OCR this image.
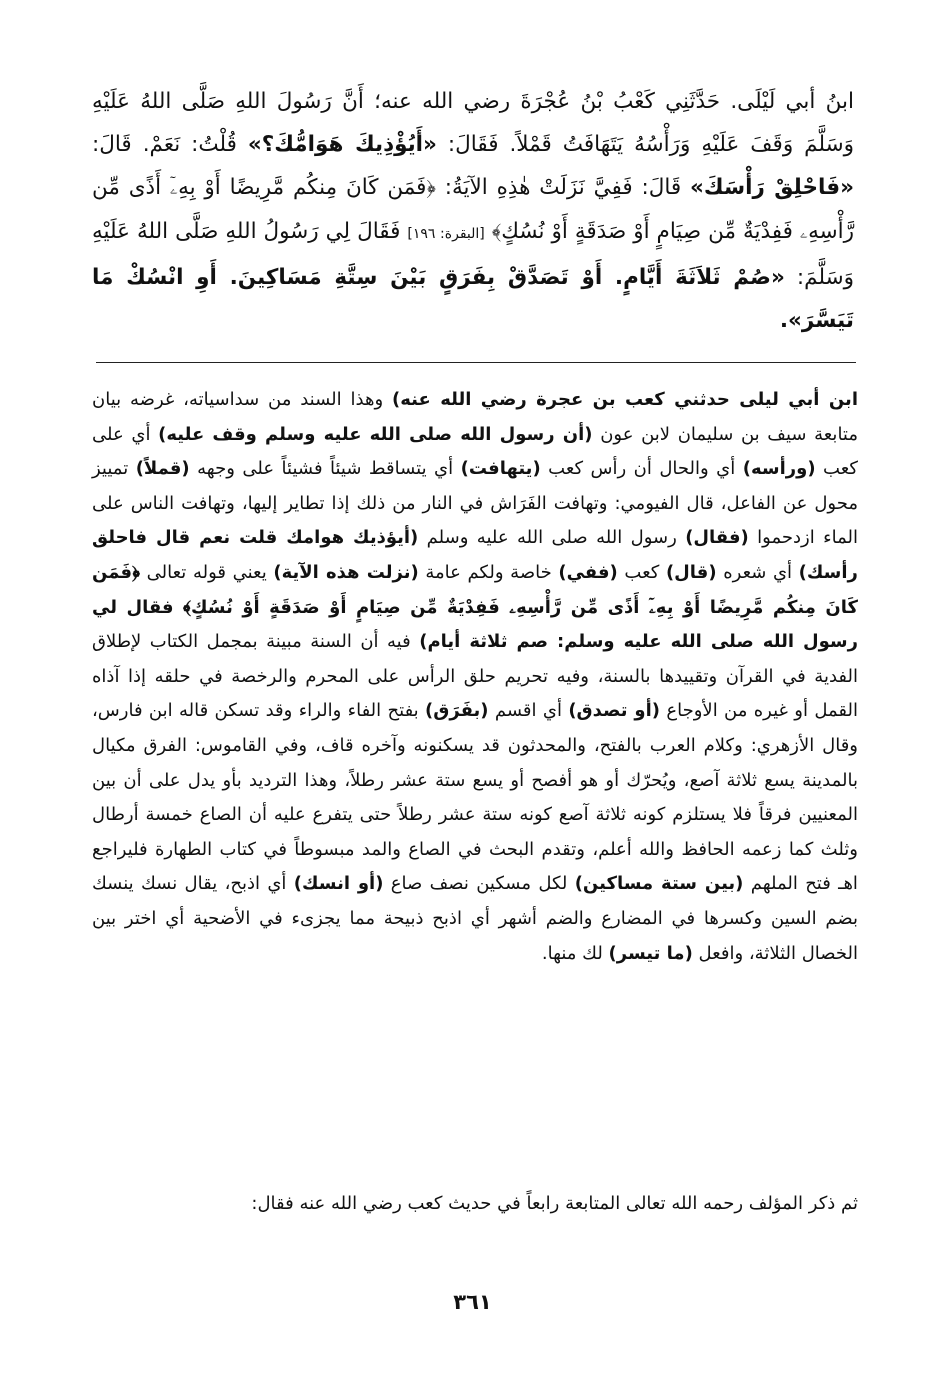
ابنُ أبي لَيْلَى. حَدَّثَنِي كَعْبُ بْنُ عُجْرَةَ رضي الله عنه؛ أَنَّ رَسُولَ اللهِ صَلَّى اللهُ عَلَيْهِ وَسَلَّمَ وَقَفَ عَلَيْهِ وَرَأْسُهُ يَتَهَافَتُ قَمْلاً. فَقَالَ: «أَيُؤْذِيكَ هَوَامُّكَ؟» قُلْتُ: نَعَمْ. قَالَ: «فَاحْلِقْ رَأْسَكَ» قَالَ: فَفِيَّ نَزَلَتْ هٰذِهِ الآيَةُ: ﴿فَمَن كَانَ مِنكُم مَّرِيضًا أَوْ بِهِۦٓ أَذًى مِّن رَّأْسِهِۦ فَفِدْيَةٌ مِّن صِيَامٍ أَوْ صَدَقَةٍ أَوْ نُسُكٍ﴾ [البقرة: ١٩٦] فَقَالَ لِي رَسُولُ اللهِ صَلَّى اللهُ عَلَيْهِ وَسَلَّمَ: «صُمْ ثَلاَثَةَ أَيَّامٍ. أَوْ تَصَدَّقْ بِفَرَقٍ بَيْنَ سِتَّةِ مَسَاكِينَ. أَوِ انْسُكْ مَا تَيَسَّرَ».

ابن أبي ليلى حدثني كعب بن عجرة رضي الله عنه) وهذا السند من سداسياته، غرضه بيان متابعة سيف بن سليمان لابن عون (أن رسول الله صلى الله عليه وسلم وقف عليه) أي على كعب (ورأسه) أي والحال أن رأس كعب (يتهافت) أي يتساقط شيئاً فشيئاً على وجهه (قملاً) تمييز محول عن الفاعل، قال الفيومي: وتهافت الفَرَاش في النار من ذلك إذا تطاير إليها، وتهافت الناس على الماء ازدحموا (فقال) رسول الله صلى الله عليه وسلم (أيؤذيك هوامك قلت نعم قال فاحلق رأسك) أي شعره (قال) كعب (ففي) خاصة ولكم عامة (نزلت هذه الآية) يعني قوله تعالى ﴿فَمَن كَانَ مِنكُم مَّرِيضًا أَوْ بِهِۦٓ أَذًى مِّن رَّأْسِهِۦ فَفِدْيَةٌ مِّن صِيَامٍ أَوْ صَدَقَةٍ أَوْ نُسُكٍ﴾ فقال لي رسول الله صلى الله عليه وسلم: صم ثلاثة أيام) فيه أن السنة مبينة بمجمل الكتاب لإطلاق الفدية في القرآن وتقييدها بالسنة، وفيه تحريم حلق الرأس على المحرم والرخصة في حلقه إذا آذاه القمل أو غيره من الأوجاع (أو تصدق) أي اقسم (بفَرَق) بفتح الفاء والراء وقد تسكن قاله ابن فارس، وقال الأزهري: وكلام العرب بالفتح، والمحدثون قد يسكنونه وآخره قاف، وفي القاموس: الفرق مكيال بالمدينة يسع ثلاثة آصع، ويُحرّك أو هو أفصح أو يسع ستة عشر رطلاً، وهذا الترديد بأو يدل على أن بين المعنيين فرقاً فلا يستلزم كونه ثلاثة آصع كونه ستة عشر رطلاً حتى يتفرع عليه أن الصاع خمسة أرطال وثلث كما زعمه الحافظ والله أعلم، وتقدم البحث في الصاع والمد مبسوطاً في كتاب الطهارة فليراجع اهـ فتح الملهم (بين ستة مساكين) لكل مسكين نصف صاع (أو انسك) أي اذبح، يقال نسك ينسك بضم السين وكسرها في المضارع والضم أشهر أي اذبح ذبيحة مما يجزىء في الأضحية أي اختر بين الخصال الثلاثة، وافعل (ما تيسر) لك منها.

ثم ذكر المؤلف رحمه الله تعالى المتابعة رابعاً في حديث كعب رضي الله عنه فقال:

٣٦١
